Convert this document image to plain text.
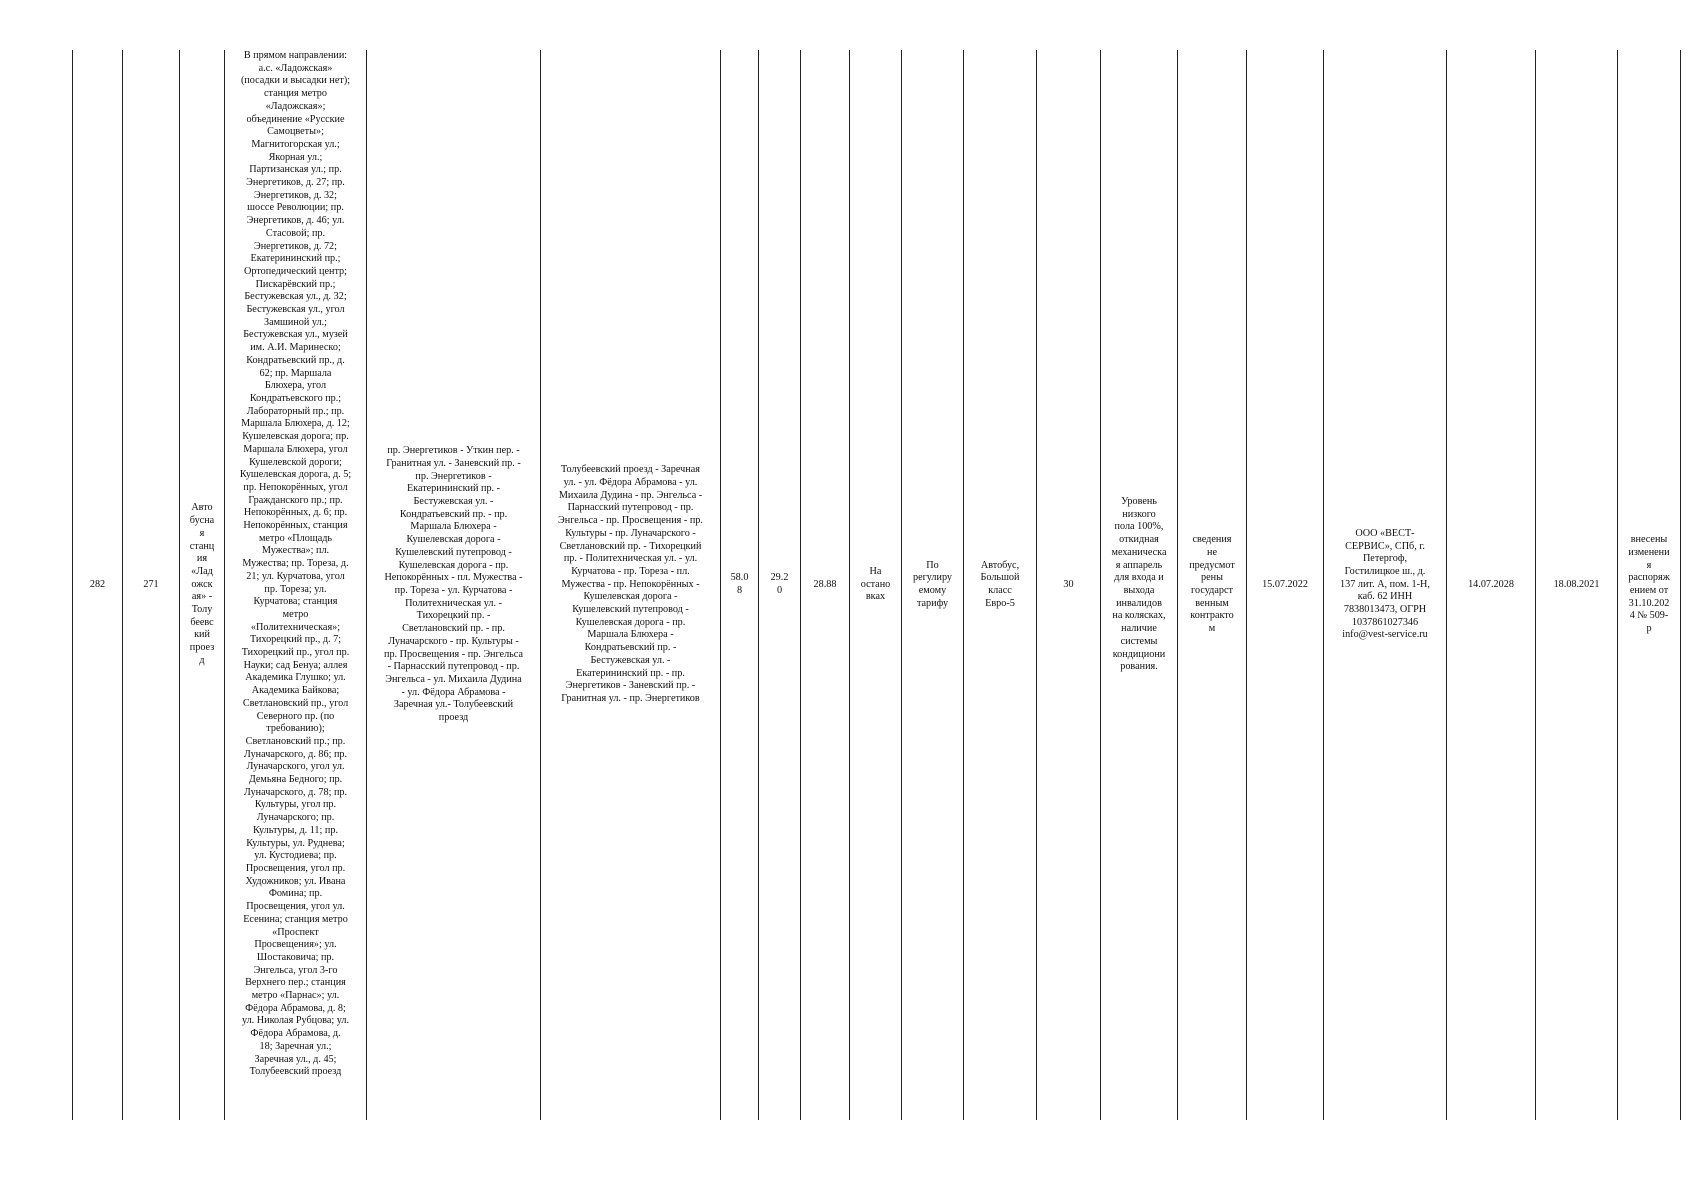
282	271
Авто
бусна
я
станц
ия
«Лад
ожск
ая» -
Толу
беевс
кий
проез
д
В прямом направлении:
а.с. «Ладожская»
(посадки и высадки нет);
станция метро
«Ладожская»;
объединение «Русские
Самоцветы»;
Магнитогорская ул.;
Якорная ул.;
Партизанская ул.; пр.
Энергетиков, д. 27; пр.
Энергетиков, д. 32;
шоссе Революции; пр.
Энергетиков, д. 46; ул.
Стасовой; пр.
Энергетиков, д. 72;
Екатерининский пр.;
Ортопедический центр;
Пискарёвский пр.;
Бестужевская ул., д. 32;
Бестужевская ул., угол
Замшиной ул.;
Бестужевская ул., музей
им. А.И. Маринеско;
Кондратьевский пр., д.
62; пр. Маршала
Блюхера, угол
Кондратьевского пр.;
Лабораторный пр.; пр.
Маршала Блюхера, д. 12;
Кушелевская дорога; пр.
Маршала Блюхера, угол
Кушелевской дороги;
Кушелевская дорога, д. 5;
пр. Непокорённых, угол
Гражданского пр.; пр.
Непокорённых, д. 6; пр.
Непокорённых, станция
метро «Площадь
Мужества»; пл.
Мужества; пр. Тореза, д.
21; ул. Курчатова, угол
пр. Тореза; ул.
Курчатова; станция
метро
«Политехническая»;
Тихорецкий пр., д. 7;
Тихорецкий пр., угол пр.
Науки; сад Бенуа; аллея
Академика Глушко; ул.
Академика Байкова;
Светлановский пр., угол
Северного пр. (по
требованию);
Светлановский пр.; пр.
Луначарского, д. 86; пр.
Луначарского, угол ул.
Демьяна Бедного; пр.
Луначарского, д. 78; пр.
Культуры, угол пр.
Луначарского; пр.
Культуры, д. 11; пр.
Культуры, ул. Руднева;
ул. Кустодиева; пр.
Просвещения, угол пр.
Художников; ул. Ивана
Фомина; пр.
Просвещения, угол ул.
Есенина; станция метро
«Проспект
Просвещения»; ул.
Шостаковича; пр.
Энгельса, угол 3-го
Верхнего пер.; станция
метро «Парнас»; ул.
Фёдора Абрамова, д. 8;
ул. Николая Рубцова; ул.
Фёдора Абрамова, д.
18; Заречная ул.;
Заречная ул., д. 45;
Толубеевский проезд
пр. Энергетиков - Уткин пер. -
Гранитная ул. - Заневский пр. -
пр. Энергетиков -
Екатерининский пр. -
Бестужевская ул. -
Кондратьевский пр. - пр.
Маршала Блюхера -
Кушелевская дорога -
Кушелевский путепровод -
Кушелевская дорога - пр.
Непокорённых - пл. Мужества -
пр. Тореза - ул. Курчатова -
Политехническая ул. -
Тихорецкий пр. -
Светлановский пр. - пр.
Луначарского - пр. Культуры -
пр. Просвещения - пр. Энгельса
- Парнасский путепровод - пр.
Энгельса - ул. Михаила Дудина
- ул. Фёдора Абрамова -
Заречная ул.- Толубеевский
проезд
Толубеевский проезд - Заречная
ул. - ул. Фёдора Абрамова - ул.
Михаила Дудина - пр. Энгельса -
Парнасский путепровод - пр.
Энгельса - пр. Просвещения - пр.
Культуры - пр. Луначарского -
Светлановский пр. - Тихорецкий
пр. - Политехническая ул. - ул.
Курчатова - пр. Тореза - пл.
Мужества - пр. Непокорённых -
Кушелевская дорога -
Кушелевский путепровод -
Кушелевская дорога - пр.
Маршала Блюхера -
Кондратьевский пр. -
Бестужевская ул. -
Екатерининский пр. - пр.
Энергетиков - Заневский пр. -
Гранитная ул. - пр. Энергетиков
58.0
8
29.2
0
28.88
На
остано
вках
По
регулиру
емому
тарифу
Автобус,
Большой
класс
Евро-5
30
Уровень
низкого
пола 100%,
откидная
механическа
я аппарель
для входа и
выхода
инвалидов
на колясках,
наличие
системы
кондициони
рования.
сведения
не
предусмот
рены
государст
венным
контракто
м
15.07.2022
ООО «ВЕСТ-
СЕРВИС», СПб, г.
Петергоф,
Гостилицкое ш., д.
137 лит. А, пом. 1-Н,
каб. 62 ИНН
7838013473, ОГРН
1037861027346
info@vest-service.ru
14.07.2028	18.08.2021
внесены
изменени
я
распоряж
ением от
31.10.202
4 № 509-
р
